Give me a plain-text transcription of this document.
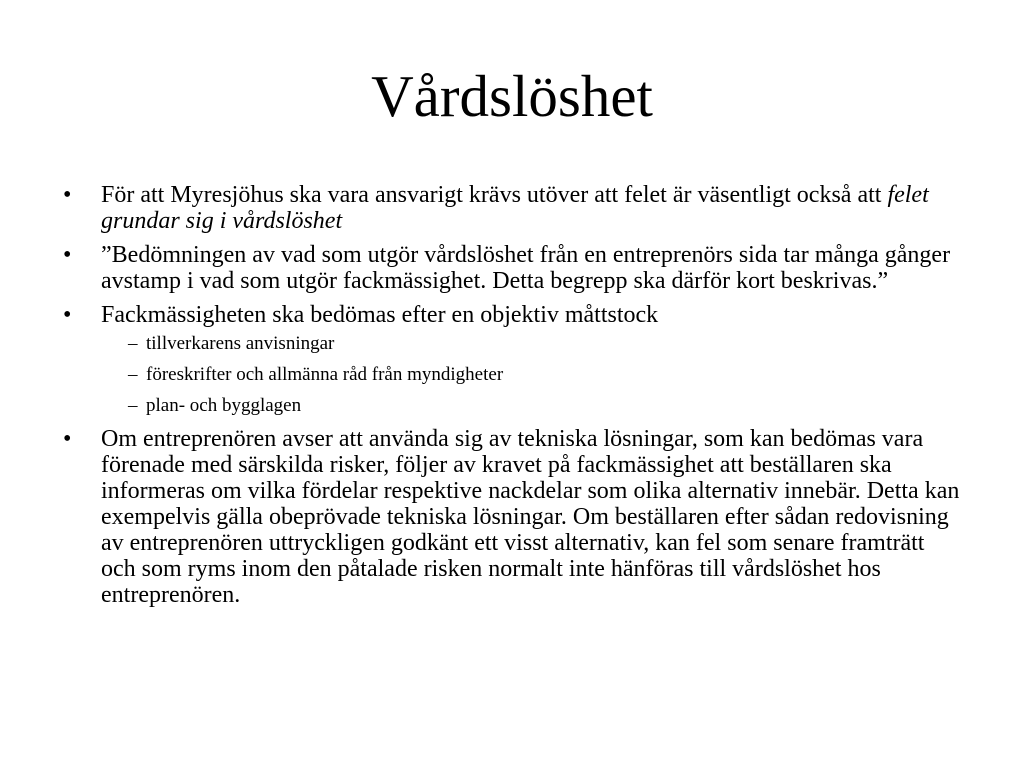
Vårdslöshet
•	För att Myresjöhus ska vara ansvarigt krävs utöver att felet är väsentligt också att felet grundar sig i vårdslöshet
•	”Bedömningen av vad som utgör vårdslöshet från en entreprenörs sida tar många gånger avstamp i vad som utgör fackmässighet. Detta begrepp ska därför kort beskrivas.”
•	Fackmässigheten ska bedömas efter en objektiv måttstock
– tillverkarens anvisningar
– föreskrifter och allmänna råd från myndigheter
– plan- och bygglagen
•	Om entreprenören avser att använda sig av tekniska lösningar, som kan bedömas vara förenade med särskilda risker, följer av kravet på fackmässighet att beställaren ska informeras om vilka fördelar respektive nackdelar som olika alternativ innebär. Detta kan exempelvis gälla obeprövade tekniska lösningar. Om beställaren efter sådan redovisning av entreprenören uttryckligen godkänt ett visst alternativ, kan fel som senare framträtt och som ryms inom den påtalade risken normalt inte hänföras till vårdslöshet hos entreprenören.
